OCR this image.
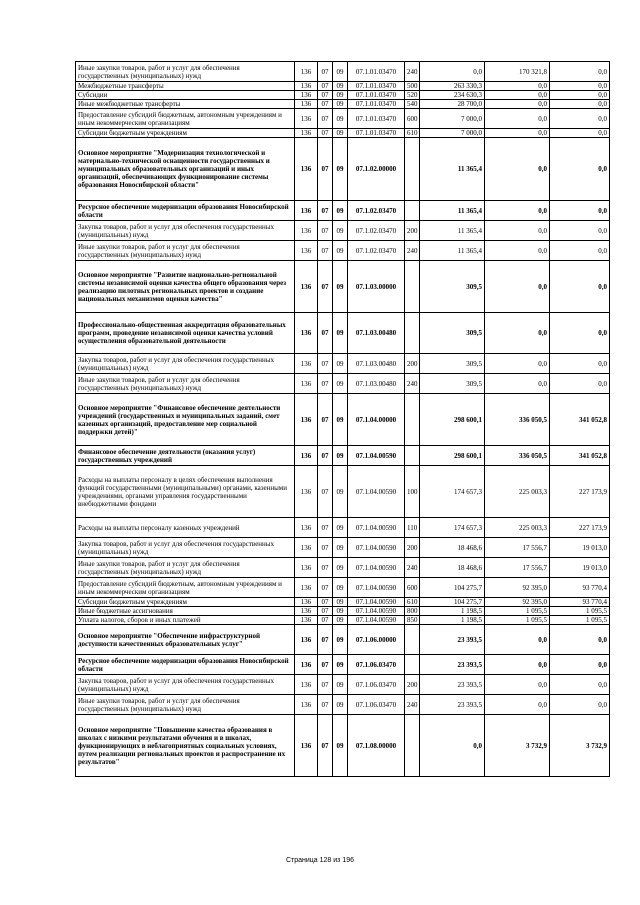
Иные закупки товаров, работ и услуг для обеспечения государственных (муниципальных) нужд	136	07	09	07.1.01.03470	240	0,0	170 321,8	0,0
Межбюджетные трансферты	136	07	09	07.1.01.03470	500	263 330,3	0,0	0,0
Субсидии	136	07	09	07.1.01.03470	520	234 630,3	0,0	0,0
Иные межбюджетные трансферты	136	07	09	07.1.01.03470	540	28 700,0	0,0	0,0
Предоставление субсидий бюджетным, автономным учреждениям и иным некоммерческим организациям	136	07	09	07.1.01.03470	600	7 000,0	0,0	0,0
Субсидии бюджетным учреждениям	136	07	09	07.1.01.03470	610	7 000,0	0,0	0,0
Основное мероприятие "Модернизация технологической и материально-технической оснащенности государственных и муниципальных образовательных организаций и иных организаций, обеспечивающих функционирование системы образования Новосибирской области"	136	07	09	07.1.02.00000		11 365,4	0,0	0,0
Ресурсное обеспечение модернизации образования Новосибирской области	136	07	09	07.1.02.03470		11 365,4	0,0	0,0
Закупка товаров, работ и услуг для обеспечения государственных (муниципальных) нужд	136	07	09	07.1.02.03470	200	11 365,4	0,0	0,0
Иные закупки товаров, работ и услуг для обеспечения государственных (муниципальных) нужд	136	07	09	07.1.02.03470	240	11 365,4	0,0	0,0
Основное мероприятие "Развитие национально-региональной системы независимой оценки качества общего образования через реализацию пилотных региональных проектов и создание национальных механизмов оценки качества"	136	07	09	07.1.03.00000		309,5	0,0	0,0
Профессионально-общественная аккредитация образовательных программ, проведение независимой оценки качества условий осуществления образовательной деятельности	136	07	09	07.1.03.00480		309,5	0,0	0,0
Закупка товаров, работ и услуг для обеспечения государственных (муниципальных) нужд	136	07	09	07.1.03.00480	200	309,5	0,0	0,0
Иные закупки товаров, работ и услуг для обеспечения государственных (муниципальных) нужд	136	07	09	07.1.03.00480	240	309,5	0,0	0,0
Основное мероприятие "Финансовое обеспечение деятельности учреждений (государственных и муниципальных заданий, смет казенных организаций, предоставление мер социальной поддержки детей)"	136	07	09	07.1.04.00000		298 600,1	336 050,5	341 052,8
Финансовое обеспечение деятельности (оказания услуг) государственных учреждений	136	07	09	07.1.04.00590		298 600,1	336 050,5	341 052,8
Расходы на выплаты персоналу в целях обеспечения выполнения функций государственными (муниципальными) органами, казенными учреждениями, органами управления государственными внебюджетными фондами	136	07	09	07.1.04.00590	100	174 657,3	225 003,3	227 173,9
Расходы на выплаты персоналу казенных учреждений	136	07	09	07.1.04.00590	110	174 657,3	225 003,3	227 173,9
Закупка товаров, работ и услуг для обеспечения государственных (муниципальных) нужд	136	07	09	07.1.04.00590	200	18 468,6	17 556,7	19 013,0
Иные закупки товаров, работ и услуг для обеспечения государственных (муниципальных) нужд	136	07	09	07.1.04.00590	240	18 468,6	17 556,7	19 013,0
Предоставление субсидий бюджетным, автономным учреждениям и иным некоммерческим организациям	136	07	09	07.1.04.00590	600	104 275,7	92 395,0	93 770,4
Субсидии бюджетным учреждениям	136	07	09	07.1.04.00590	610	104 275,7	92 395,0	93 770,4
Иные бюджетные ассигнования	136	07	09	07.1.04.00590	800	1 198,5	1 095,5	1 095,5
Уплата налогов, сборов и иных платежей	136	07	09	07.1.04.00590	850	1 198,5	1 095,5	1 095,5
Основное мероприятие "Обеспечение инфраструктурной доступности качественных образовательных услуг"	136	07	09	07.1.06.00000		23 393,5	0,0	0,0
Ресурсное обеспечение модернизации образования Новосибирской области	136	07	09	07.1.06.03470		23 393,5	0,0	0,0
Закупка товаров, работ и услуг для обеспечения государственных (муниципальных) нужд	136	07	09	07.1.06.03470	200	23 393,5	0,0	0,0
Иные закупки товаров, работ и услуг для обеспечения государственных (муниципальных) нужд	136	07	09	07.1.06.03470	240	23 393,5	0,0	0,0
Основное мероприятие "Повышение качества образования в школах с низкими результатами обучения и в школах, функционирующих в неблагоприятных социальных условиях, путем реализации региональных проектов и распространение их результатов"	136	07	09	07.1.08.00000		0,0	3 732,9	3 732,9
Страница 128 из 196
